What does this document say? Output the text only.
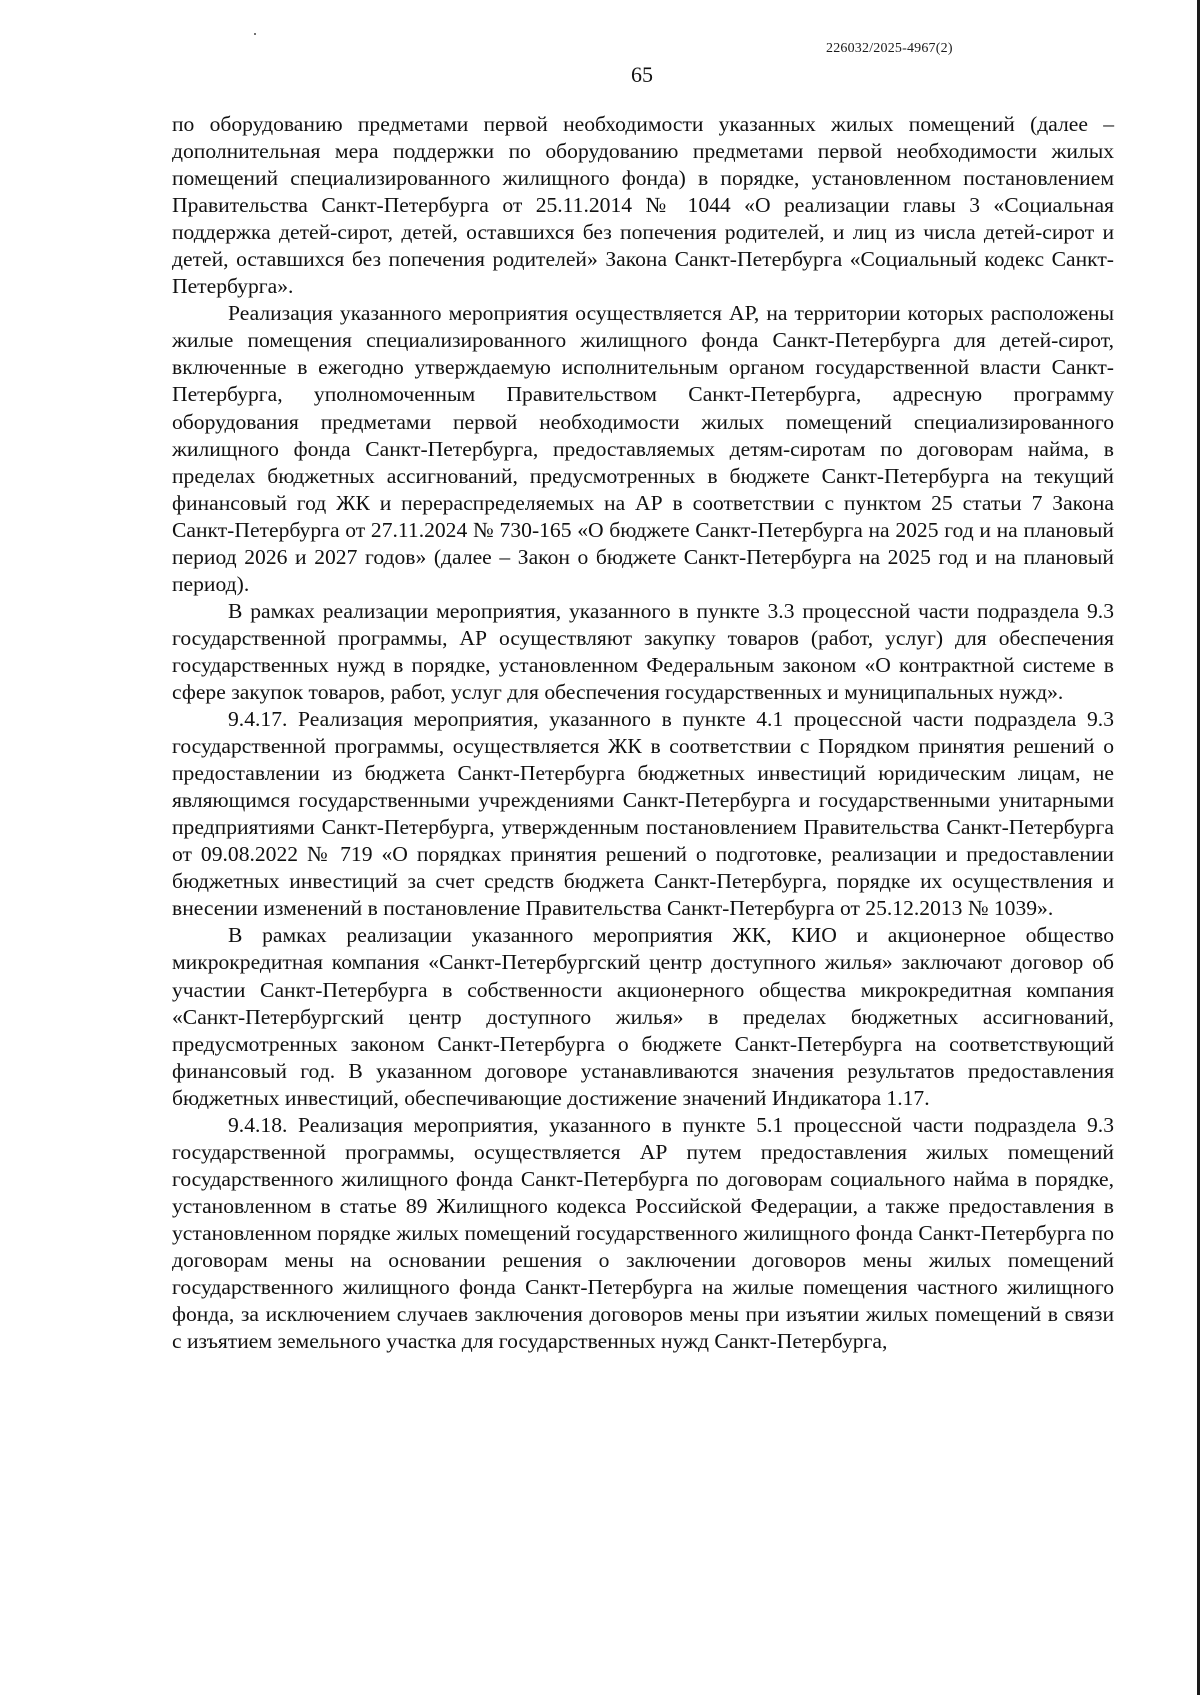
226032/2025-4967(2)
65

по оборудованию предметами первой необходимости указанных жилых помещений (далее – дополнительная мера поддержки по оборудованию предметами первой необходимости жилых помещений специализированного жилищного фонда) в порядке, установленном постановлением Правительства Санкт-Петербурга от 25.11.2014 № 1044 «О реализации главы 3 «Социальная поддержка детей-сирот, детей, оставшихся без попечения родителей, и лиц из числа детей-сирот и детей, оставшихся без попечения родителей» Закона Санкт-Петербурга «Социальный кодекс Санкт-Петербурга».

Реализация указанного мероприятия осуществляется АР, на территории которых расположены жилые помещения специализированного жилищного фонда Санкт-Петербурга для детей-сирот, включенные в ежегодно утверждаемую исполнительным органом государственной власти Санкт-Петербурга, уполномоченным Правительством Санкт-Петербурга, адресную программу оборудования предметами первой необходимости жилых помещений специализированного жилищного фонда Санкт-Петербурга, предоставляемых детям-сиротам по договорам найма, в пределах бюджетных ассигнований, предусмотренных в бюджете Санкт-Петербурга на текущий финансовый год ЖК и перераспределяемых на АР в соответствии с пунктом 25 статьи 7 Закона Санкт-Петербурга от 27.11.2024 № 730-165 «О бюджете Санкт-Петербурга на 2025 год и на плановый период 2026 и 2027 годов» (далее – Закон о бюджете Санкт-Петербурга на 2025 год и на плановый период).

В рамках реализации мероприятия, указанного в пункте 3.3 процессной части подраздела 9.3 государственной программы, АР осуществляют закупку товаров (работ, услуг) для обеспечения государственных нужд в порядке, установленном Федеральным законом «О контрактной системе в сфере закупок товаров, работ, услуг для обеспечения государственных и муниципальных нужд».

9.4.17. Реализация мероприятия, указанного в пункте 4.1 процессной части подраздела 9.3 государственной программы, осуществляется ЖК в соответствии с Порядком принятия решений о предоставлении из бюджета Санкт-Петербурга бюджетных инвестиций юридическим лицам, не являющимся государственными учреждениями Санкт-Петербурга и государственными унитарными предприятиями Санкт-Петербурга, утвержденным постановлением Правительства Санкт-Петербурга от 09.08.2022 № 719 «О порядках принятия решений о подготовке, реализации и предоставлении бюджетных инвестиций за счет средств бюджета Санкт-Петербурга, порядке их осуществления и внесении изменений в постановление Правительства Санкт-Петербурга от 25.12.2013 № 1039».

В рамках реализации указанного мероприятия ЖК, КИО и акционерное общество микрокредитная компания «Санкт-Петербургский центр доступного жилья» заключают договор об участии Санкт-Петербурга в собственности акционерного общества микрокредитная компания «Санкт-Петербургский центр доступного жилья» в пределах бюджетных ассигнований, предусмотренных законом Санкт-Петербурга о бюджете Санкт-Петербурга на соответствующий финансовый год. В указанном договоре устанавливаются значения результатов предоставления бюджетных инвестиций, обеспечивающие достижение значений Индикатора 1.17.

9.4.18. Реализация мероприятия, указанного в пункте 5.1 процессной части подраздела 9.3 государственной программы, осуществляется АР путем предоставления жилых помещений государственного жилищного фонда Санкт-Петербурга по договорам социального найма в порядке, установленном в статье 89 Жилищного кодекса Российской Федерации, а также предоставления в установленном порядке жилых помещений государственного жилищного фонда Санкт-Петербурга по договорам мены на основании решения о заключении договоров мены жилых помещений государственного жилищного фонда Санкт-Петербурга на жилые помещения частного жилищного фонда, за исключением случаев заключения договоров мены при изъятии жилых помещений в связи с изъятием земельного участка для государственных нужд Санкт-Петербурга,
